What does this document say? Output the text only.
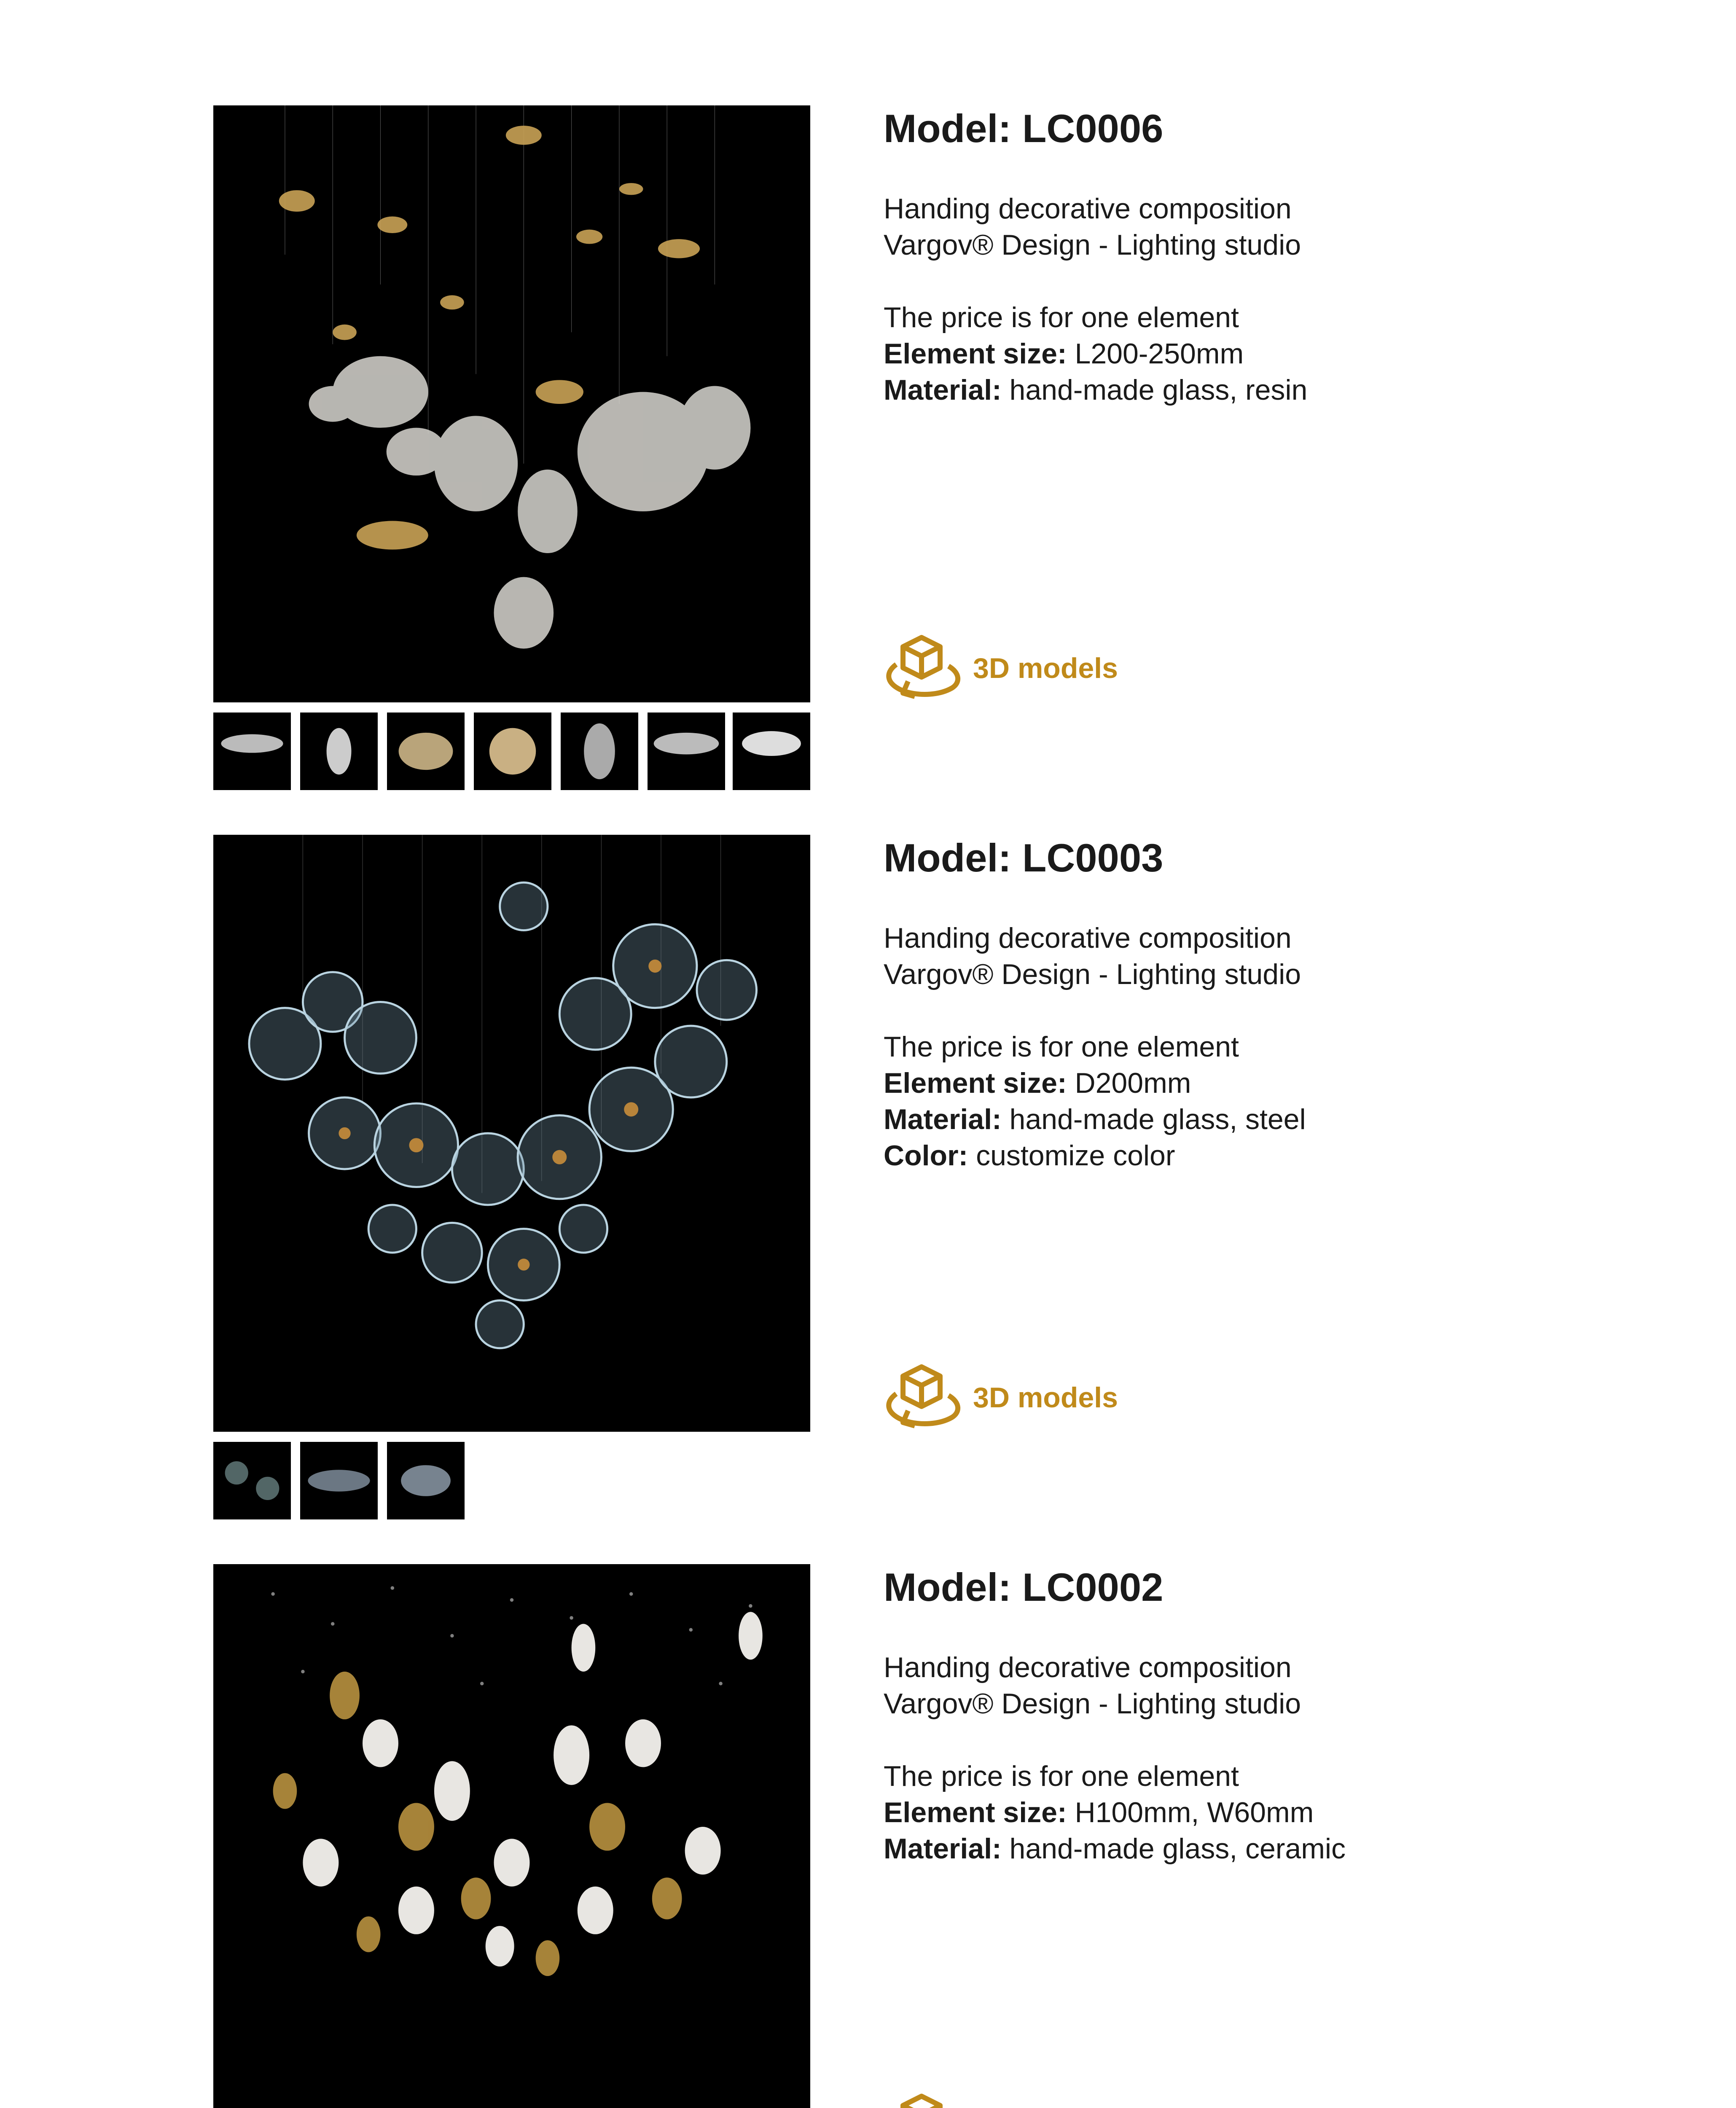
Model: LC0006
Handing decorative composition
Vargov® Design - Lighting studio
The price is for one element
Element size: L200-250mm
Material: hand-made glass, resin
3D models
Model: LC0003
Handing decorative composition
Vargov® Design - Lighting studio
The price is for one element
Element size: D200mm
Material: hand-made glass, steel
Color: customize color
3D models
Model: LC0002
Handing decorative composition
Vargov® Design - Lighting studio
The price is for one element
Element size: H100mm, W60mm
Material: hand-made glass, ceramic
